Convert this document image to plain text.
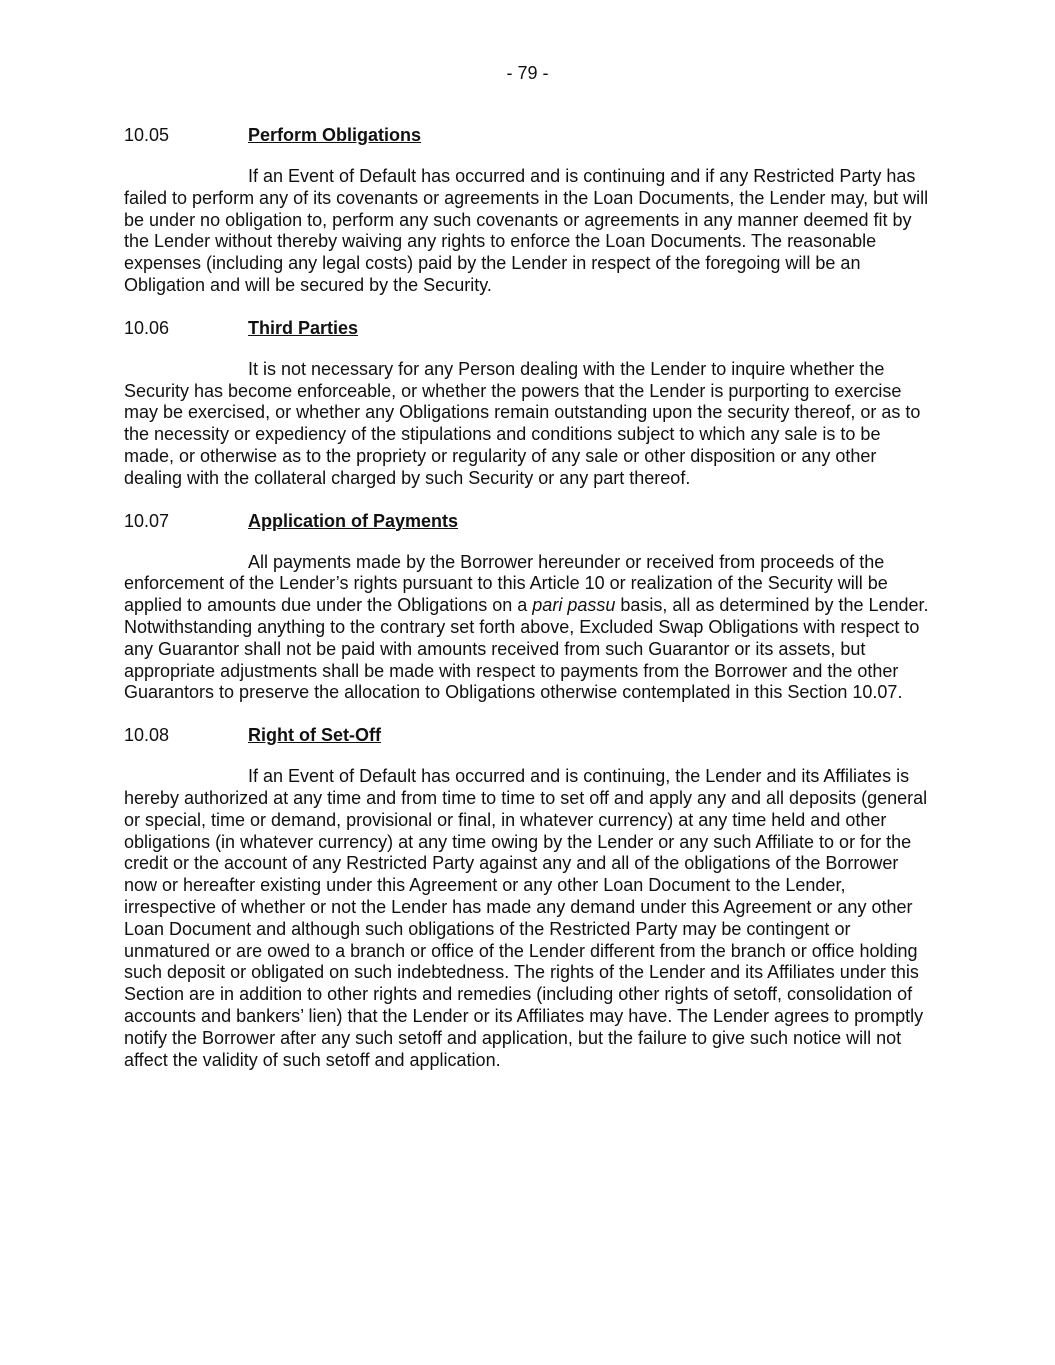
- 79 -
10.05	Perform Obligations

If an Event of Default has occurred and is continuing and if any Restricted Party has failed to perform any of its covenants or agreements in the Loan Documents, the Lender may, but will be under no obligation to, perform any such covenants or agreements in any manner deemed fit by the Lender without thereby waiving any rights to enforce the Loan Documents. The reasonable expenses (including any legal costs) paid by the Lender in respect of the foregoing will be an Obligation and will be secured by the Security.

10.06	Third Parties

It is not necessary for any Person dealing with the Lender to inquire whether the Security has become enforceable, or whether the powers that the Lender is purporting to exercise may be exercised, or whether any Obligations remain outstanding upon the security thereof, or as to the necessity or expediency of the stipulations and conditions subject to which any sale is to be made, or otherwise as to the propriety or regularity of any sale or other disposition or any other dealing with the collateral charged by such Security or any part thereof.

10.07	Application of Payments

All payments made by the Borrower hereunder or received from proceeds of the enforcement of the Lender’s rights pursuant to this Article 10 or realization of the Security will be applied to amounts due under the Obligations on a pari passu basis, all as determined by the Lender. Notwithstanding anything to the contrary set forth above, Excluded Swap Obligations with respect to any Guarantor shall not be paid with amounts received from such Guarantor or its assets, but appropriate adjustments shall be made with respect to payments from the Borrower and the other Guarantors to preserve the allocation to Obligations otherwise contemplated in this Section 10.07.

10.08	Right of Set-Off

If an Event of Default has occurred and is continuing, the Lender and its Affiliates is hereby authorized at any time and from time to time to set off and apply any and all deposits (general or special, time or demand, provisional or final, in whatever currency) at any time held and other obligations (in whatever currency) at any time owing by the Lender or any such Affiliate to or for the credit or the account of any Restricted Party against any and all of the obligations of the Borrower now or hereafter existing under this Agreement or any other Loan Document to the Lender, irrespective of whether or not the Lender has made any demand under this Agreement or any other Loan Document and although such obligations of the Restricted Party may be contingent or unmatured or are owed to a branch or office of the Lender different from the branch or office holding such deposit or obligated on such indebtedness. The rights of the Lender and its Affiliates under this Section are in addition to other rights and remedies (including other rights of setoff, consolidation of accounts and bankers’ lien) that the Lender or its Affiliates may have. The Lender agrees to promptly notify the Borrower after any such setoff and application, but the failure to give such notice will not affect the validity of such setoff and application.
